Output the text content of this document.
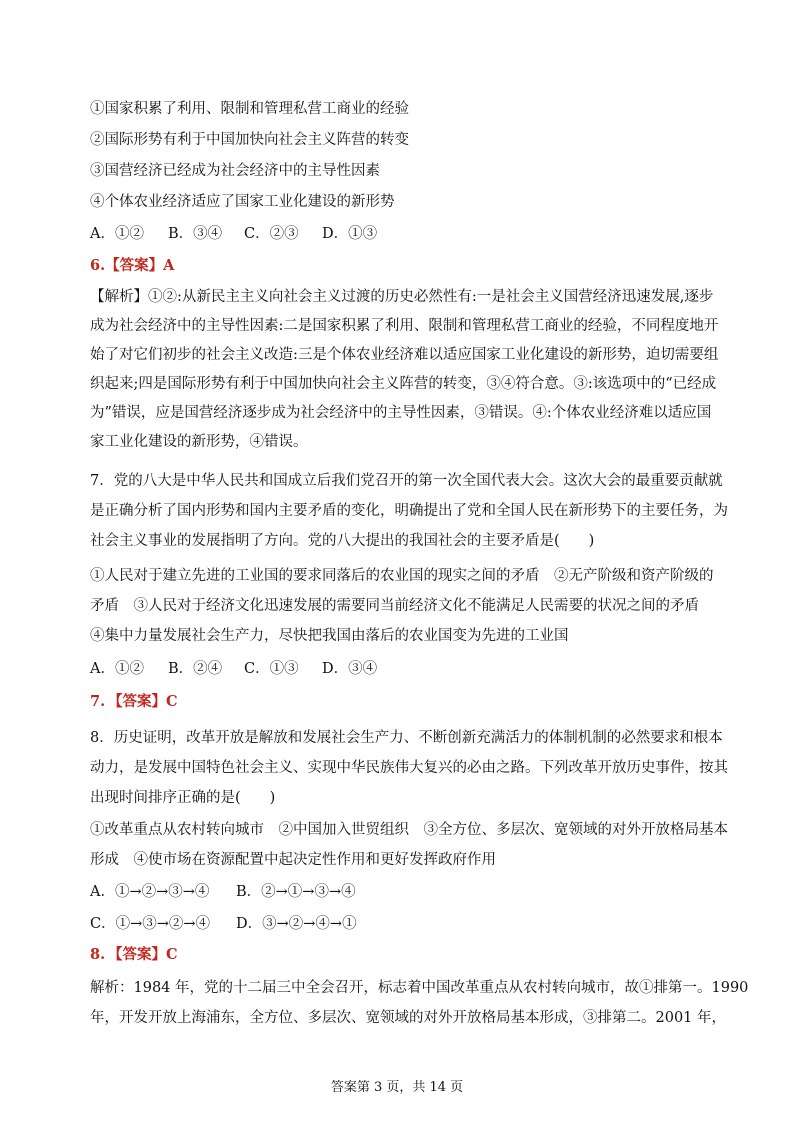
①国家积累了利用、限制和管理私营工商业的经验
②国际形势有利于中国加快向社会主义阵营的转变
③国营经济已经成为社会经济中的主导性因素
④个体农业经济适应了国家工业化建设的新形势
A．①② B．③④ C．②③ D．①③
6.【答案】A
【解析】①②:从新民主主义向社会主义过渡的历史必然性有:一是社会主义国营经济迅速发展,逐步
成为社会经济中的主导性因素:二是国家积累了利用、限制和管理私营工商业的经验，不同程度地开
始了对它们初步的社会主义改造:三是个体农业经济难以适应国家工业化建设的新形势，迫切需要组
织起来;四是国际形势有利于中国加快向社会主义阵营的转变，③④符合意。③:该选项中的“已经成
为”错误，应是国营经济逐步成为社会经济中的主导性因素，③错误。④:个体农业经济难以适应国
家工业化建设的新形势，④错误。
7．党的八大是中华人民共和国成立后我们党召开的第一次全国代表大会。这次大会的最重要贡献就
是正确分析了国内形势和国内主要矛盾的变化，明确提出了党和全国人民在新形势下的主要任务，为
社会主义事业的发展指明了方向。党的八大提出的我国社会的主要矛盾是(　　)
①人民对于建立先进的工业国的要求同落后的农业国的现实之间的矛盾　②无产阶级和资产阶级的
矛盾　③人民对于经济文化迅速发展的需要同当前经济文化不能满足人民需要的状况之间的矛盾
④集中力量发展社会生产力，尽快把我国由落后的农业国变为先进的工业国
A．①② B．②④ C．①③ D．③④
7. 【答案】C
8．历史证明，改革开放是解放和发展社会生产力、不断创新充满活力的体制机制的必然要求和根本
动力，是发展中国特色社会主义、实现中华民族伟大复兴的必由之路。下列改革开放历史事件，按其
出现时间排序正确的是(　　)
①改革重点从农村转向城市　②中国加入世贸组织　③全方位、多层次、宽领域的对外开放格局基本
形成　④使市场在资源配置中起决定性作用和更好发挥政府作用
A．①→②→③→④ B．②→①→③→④
C．①→③→②→④ D．③→②→④→①
8. 【答案】C
解析：1984 年，党的十二届三中全会召开，标志着中国改革重点从农村转向城市，故①排第一。1990
年，开发开放上海浦东，全方位、多层次、宽领域的对外开放格局基本形成，③排第二。2001 年，
答案第 3 页，共 14 页
